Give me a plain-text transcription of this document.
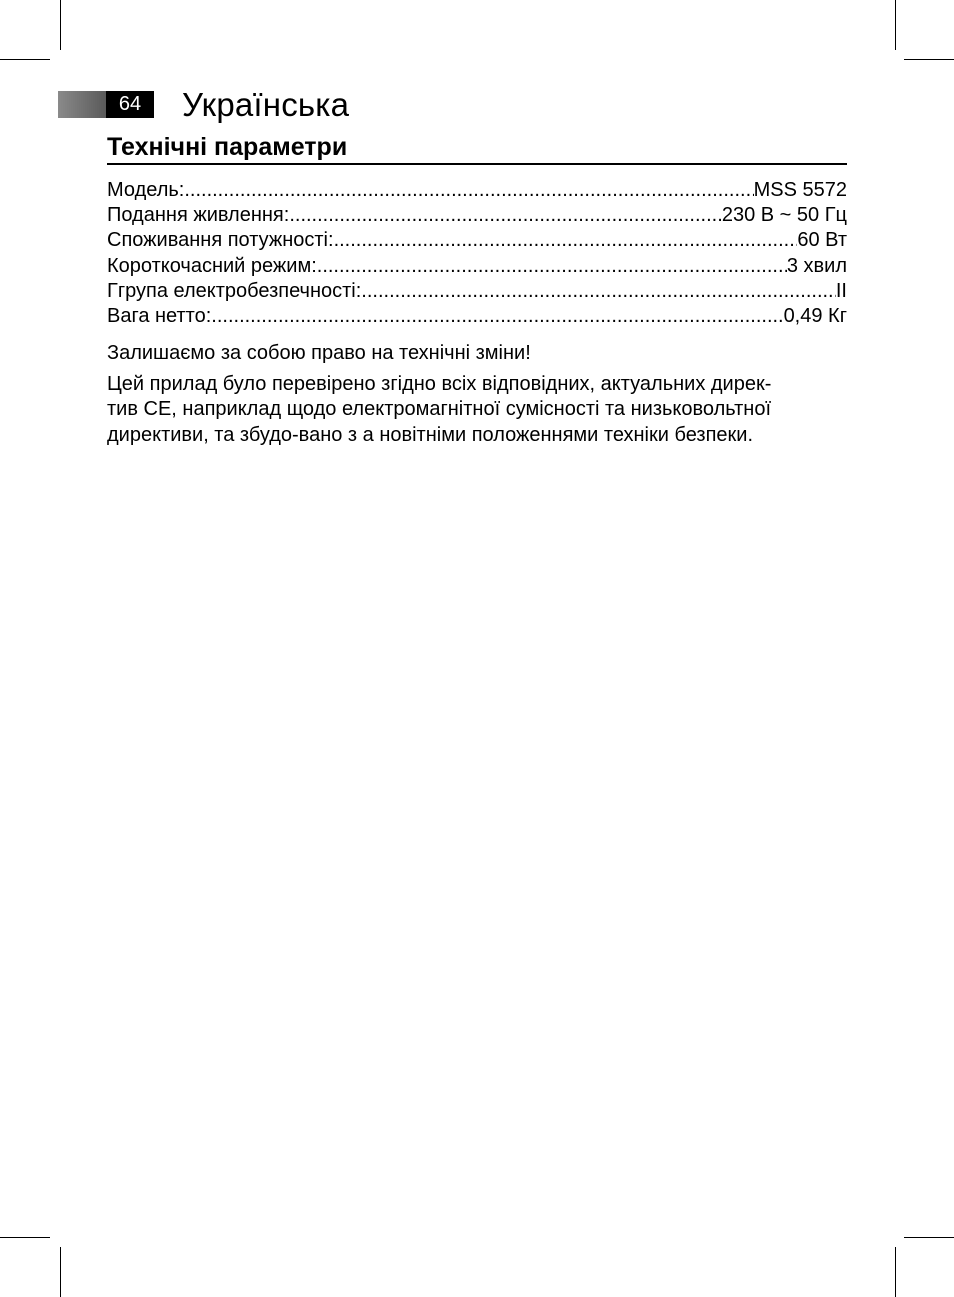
64	Українська
Технічні параметри
Модель: .....	MSS 5572
Подання живлення: .....	230 В ~ 50 Гц
Споживання потужності: .....	60 Вт
Короткочасний режим: .....	3 хвил
Ггрупа електробезпечності: .....	II
Вага нетто: .....	0,49 Кг
Залишаємо за собою право на технічні зміни!
Цей прилад було перевірено згідно всіх відповідних, актуальних дирек-
тив СЕ, наприклад щодо електромагнітної сумісності та низьковольтної
директиви, та збудо-вано з а новітніми положеннями техніки безпеки.
